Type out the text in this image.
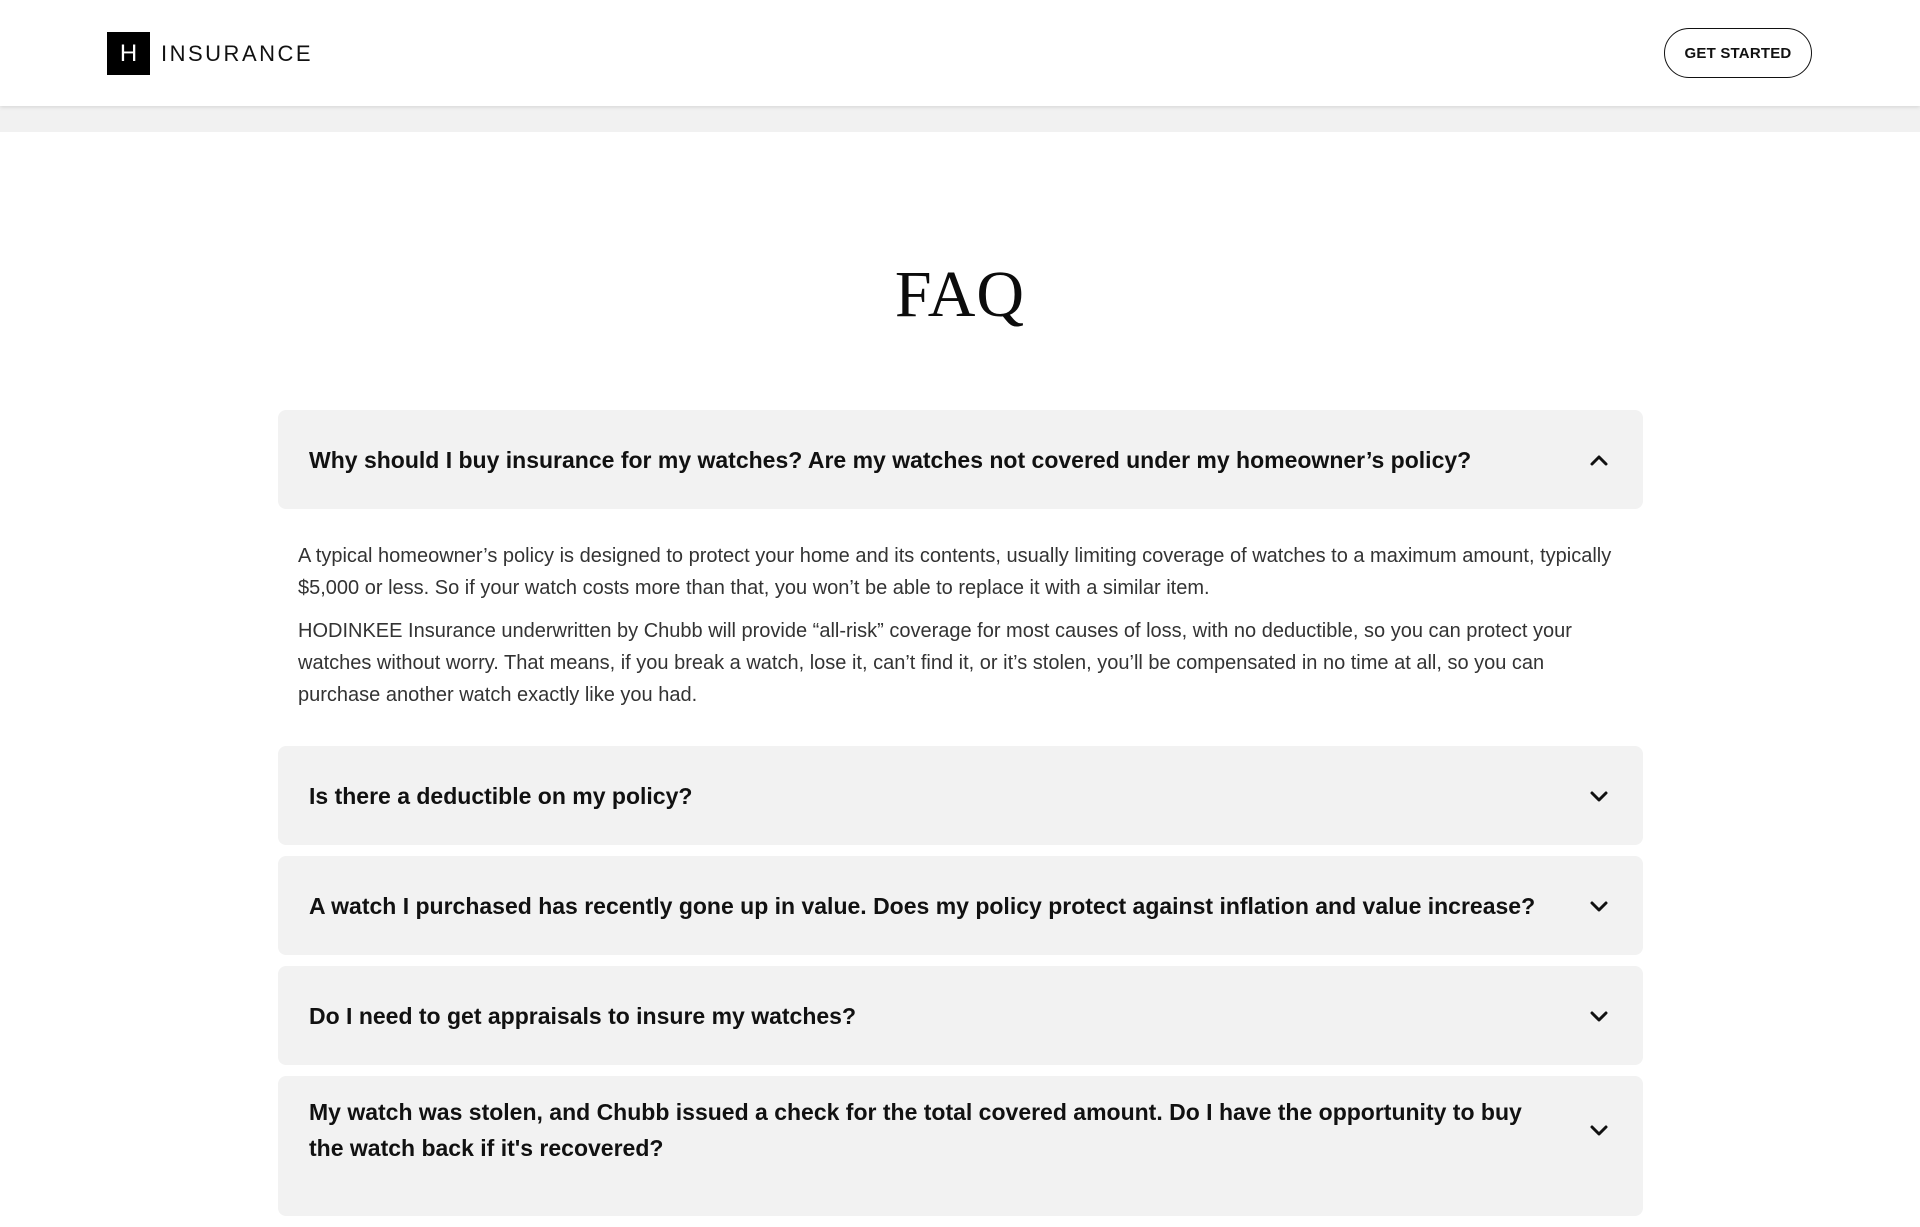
H	INSURANCE	GET STARTED
FAQ
Why should I buy insurance for my watches? Are my watches not covered under my homeowner’s policy?

A typical homeowner’s policy is designed to protect your home and its contents, usually limiting coverage of watches to a maximum amount, typically $5,000 or less. So if your watch costs more than that, you won’t be able to replace it with a similar item.

HODINKEE Insurance underwritten by Chubb will provide “all-risk” coverage for most causes of loss, with no deductible, so you can protect your watches without worry. That means, if you break a watch, lose it, can’t find it, or it’s stolen, you’ll be compensated in no time at all, so you can purchase another watch exactly like you had.

Is there a deductible on my policy?
A watch I purchased has recently gone up in value. Does my policy protect against inflation and value increase?
Do I need to get appraisals to insure my watches?
My watch was stolen, and Chubb issued a check for the total covered amount. Do I have the opportunity to buy the watch back if it's recovered?
